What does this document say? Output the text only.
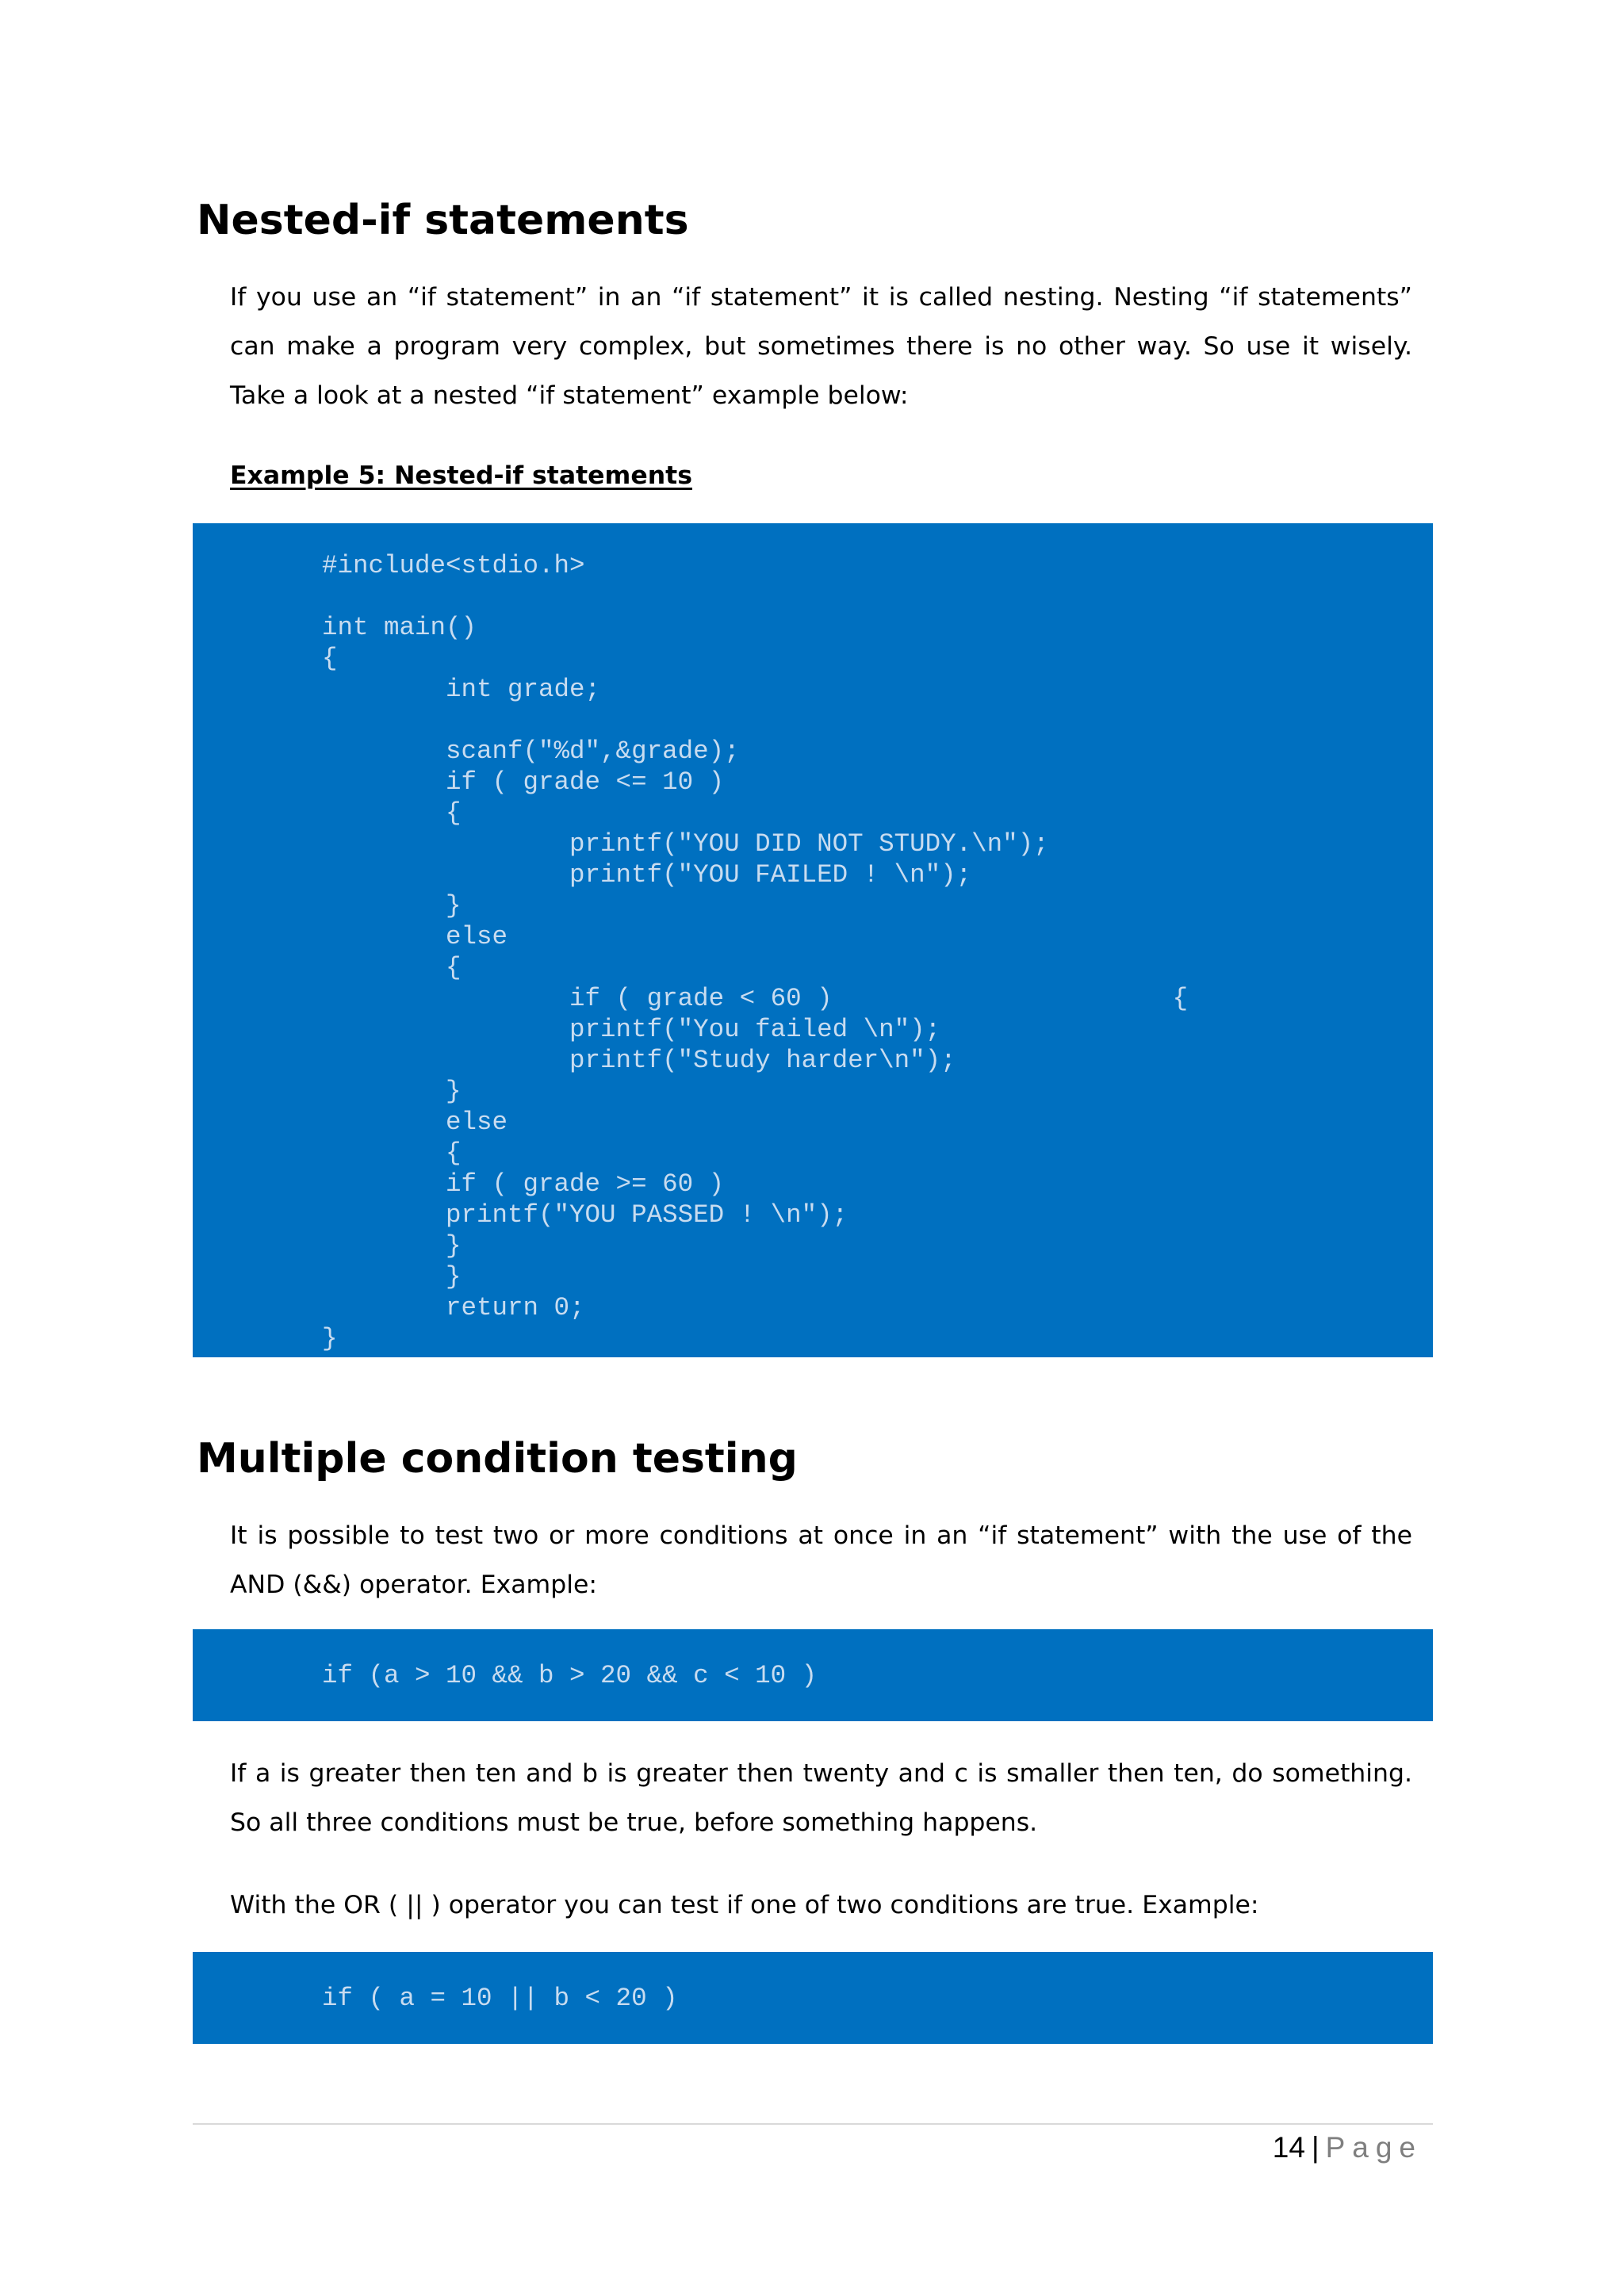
Nested-if statements

If you use an “if statement” in an “if statement” it is called nesting. Nesting “if statements” can make a program very complex, but sometimes there is no other way. So use it wisely. Take a look at a nested “if statement” example below:

Example 5: Nested-if statements

#include<stdio.h>

int main()
{
int grade;

scanf("%d",&grade);
if ( grade <= 10 )
{
printf("YOU DID NOT STUDY.\n");
printf("YOU FAILED ! \n");
}
else
{
if ( grade < 60 )                      {
printf("You failed \n");
printf("Study harder\n");
}
else
{
if ( grade >= 60 )
printf("YOU PASSED ! \n");
}
}
return 0;
}
Multiple condition testing

It is possible to test two or more conditions at once in an “if statement” with the use of the AND (&&) operator. Example:

if (a > 10 && b > 20 && c < 10 )

If a is greater then ten and b is greater then twenty and c is smaller then ten, do something. So all three conditions must be true, before something happens.

With the OR ( || ) operator you can test if one of two conditions are true. Example:

if ( a = 10 || b < 20 )

14 | Page
